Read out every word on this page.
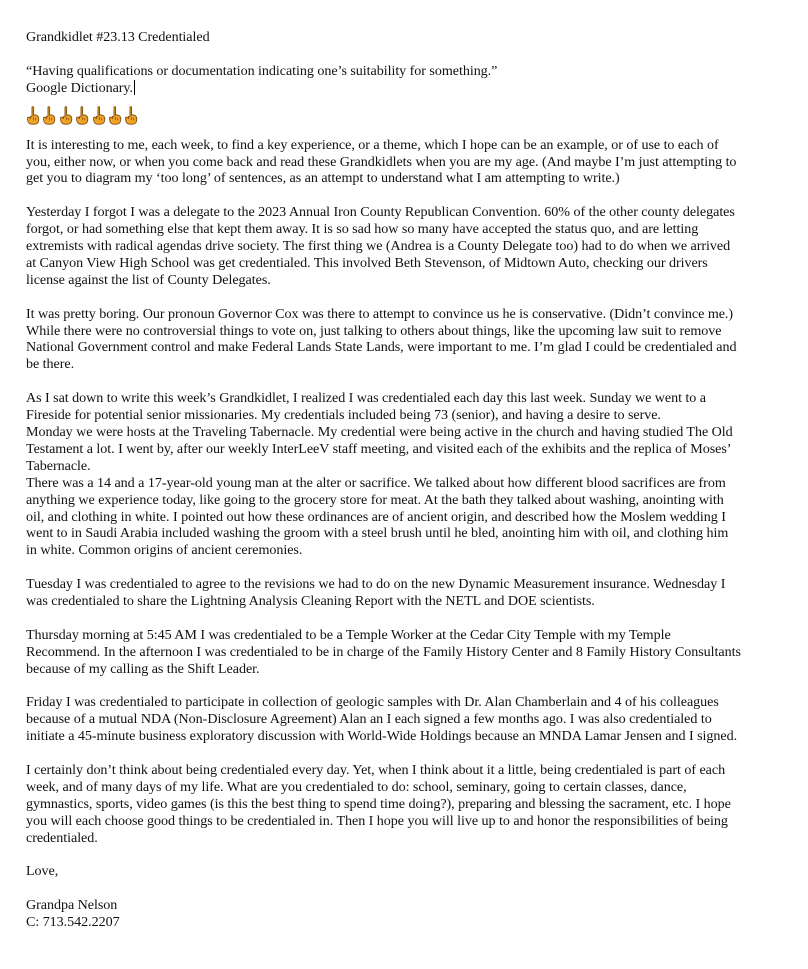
Grandkidlet #23.13 Credentialed
“Having qualifications or documentation indicating one’s suitability for something.”
Google Dictionary.
It is interesting to me, each week, to find a key experience, or a theme, which I hope can be an example, or of use to each of
you, either now, or when you come back and read these Grandkidlets when you are my age. (And maybe I’m just attempting to
get you to diagram my ‘too long’ of sentences, as an attempt to understand what I am attempting to write.)
Yesterday I forgot I was a delegate to the 2023 Annual Iron County Republican Convention. 60% of the other county delegates
forgot, or had something else that kept them away. It is so sad how so many have accepted the status quo, and are letting
extremists with radical agendas drive society. The first thing we (Andrea is a County Delegate too) had to do when we arrived
at Canyon View High School was get credentialed. This involved Beth Stevenson, of Midtown Auto, checking our drivers
license against the list of County Delegates.
It was pretty boring. Our pronoun Governor Cox was there to attempt to convince us he is conservative. (Didn’t convince me.)
While there were no controversial things to vote on, just talking to others about things, like the upcoming law suit to remove
National Government control and make Federal Lands State Lands, were important to me. I’m glad I could be credentialed and
be there.
As I sat down to write this week’s Grandkidlet, I realized I was credentialed each day this last week. Sunday we went to a
Fireside for potential senior missionaries. My credentials included being 73 (senior), and having a desire to serve.
Monday we were hosts at the Traveling Tabernacle. My credential were being active in the church and having studied The Old
Testament a lot. I went by, after our weekly InterLeeV staff meeting, and visited each of the exhibits and the replica of Moses’
Tabernacle.
There was a 14 and a 17-year-old young man at the alter or sacrifice. We talked about how different blood sacrifices are from
anything we experience today, like going to the grocery store for meat. At the bath they talked about washing, anointing with
oil, and clothing in white. I pointed out how these ordinances are of ancient origin, and described how the Moslem wedding I
went to in Saudi Arabia included washing the groom with a steel brush until he bled, anointing him with oil, and clothing him
in white. Common origins of ancient ceremonies.
Tuesday I was credentialed to agree to the revisions we had to do on the new Dynamic Measurement insurance. Wednesday I
was credentialed to share the Lightning Analysis Cleaning Report with the NETL and DOE scientists.
Thursday morning at 5:45 AM I was credentialed to be a Temple Worker at the Cedar City Temple with my Temple
Recommend. In the afternoon I was credentialed to be in charge of the Family History Center and 8 Family History Consultants
because of my calling as the Shift Leader.
Friday I was credentialed to participate in collection of geologic samples with Dr. Alan Chamberlain and 4 of his colleagues
because of a mutual NDA (Non-Disclosure Agreement) Alan an I each signed a few months ago. I was also credentialed to
initiate a 45-minute business exploratory discussion with World-Wide Holdings because an MNDA Lamar Jensen and I signed.
I certainly don’t think about being credentialed every day. Yet, when I think about it a little, being credentialed is part of each
week, and of many days of my life. What are you credentialed to do: school, seminary, going to certain classes, dance,
gymnastics, sports, video games (is this the best thing to spend time doing?), preparing and blessing the sacrament, etc. I hope
you will each choose good things to be credentialed in. Then I hope you will live up to and honor the responsibilities of being
credentialed.
Love,
Grandpa Nelson
C: 713.542.2207
